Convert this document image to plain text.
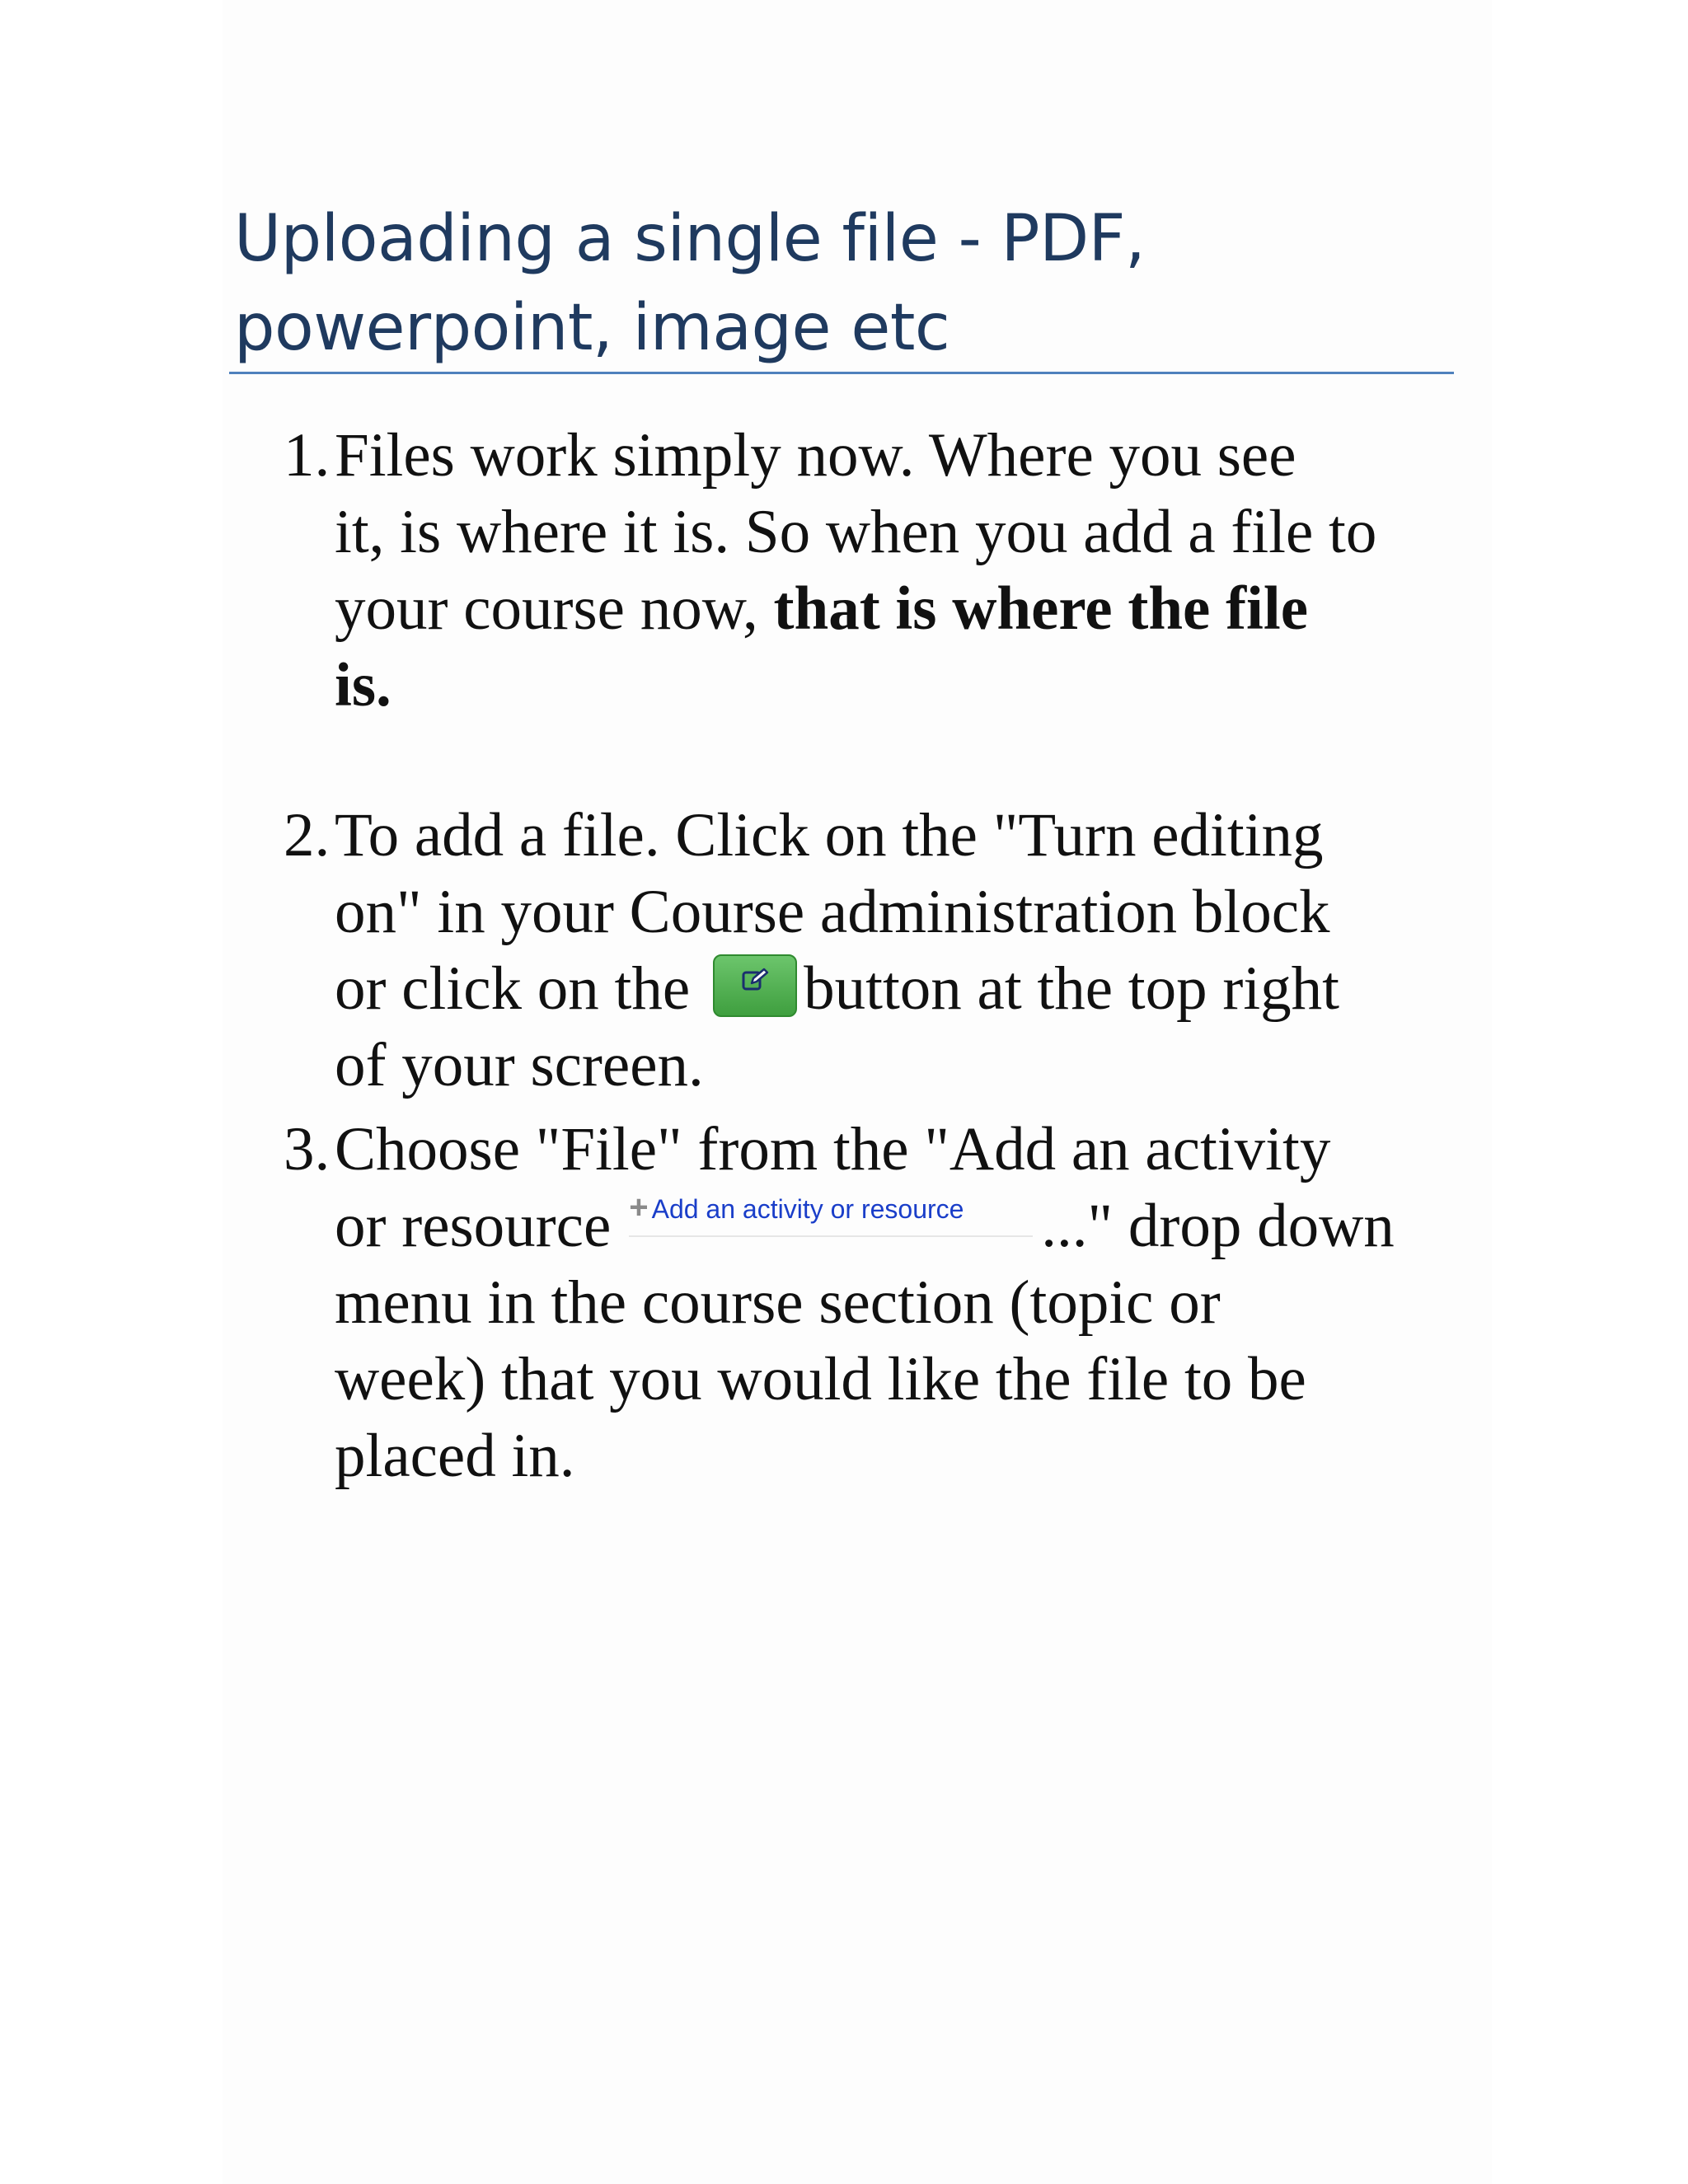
Uploading a single file - PDF,
powerpoint, image etc
1.Files work simply now. Where you see
it, is where it is. So when you add a file to
your course now, that is where the file
is.
2.To add a file. Click on the "Turn editing
on" in your Course administration block
or click on the button at the top right
of your screen.
3.Choose "File" from the "Add an activity
or resource + Add an activity or resource ..." drop down
menu in the course section (topic or
week) that you would like the file to be
placed in.
